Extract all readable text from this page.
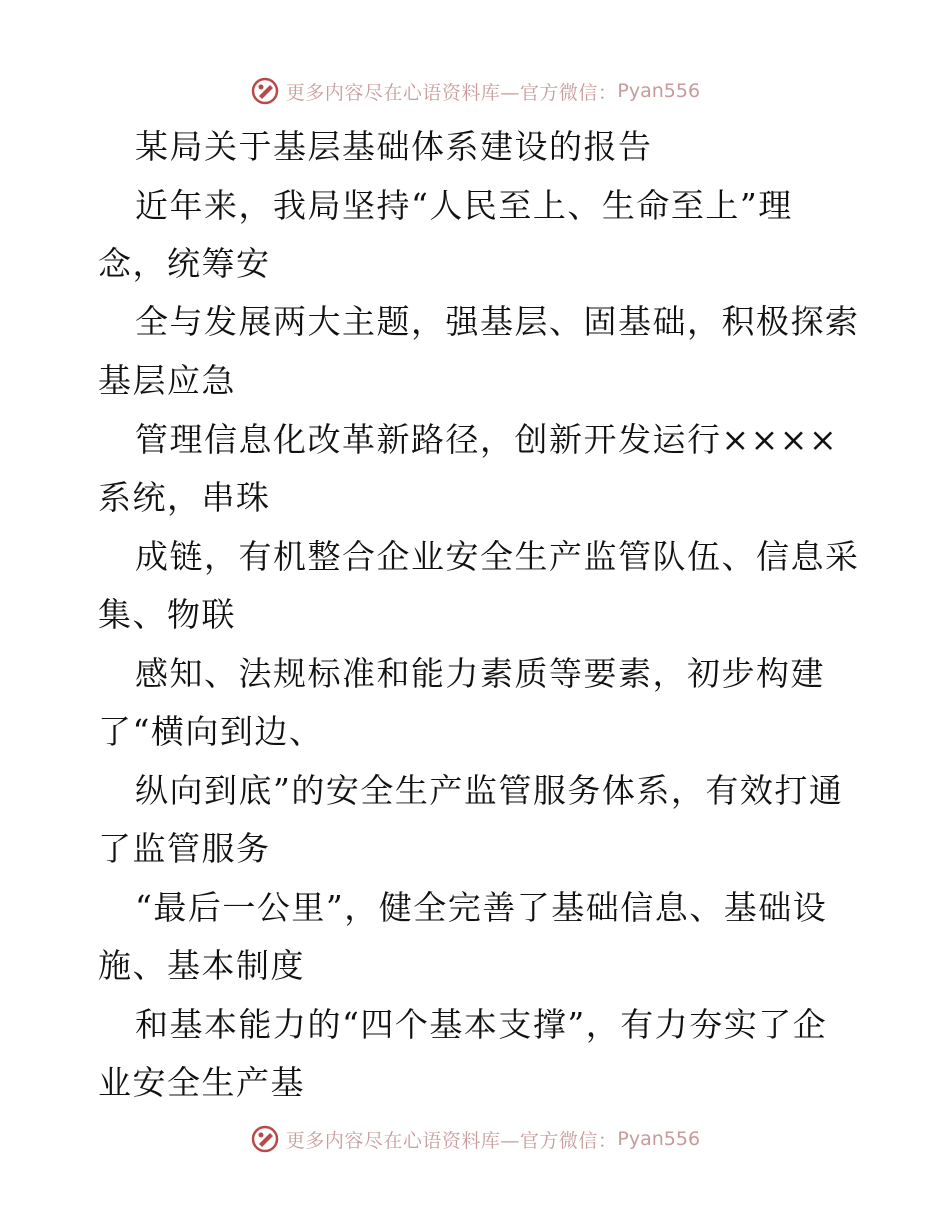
更多内容尽在心语资料库—官方微信： Pyan556
某局关于基层基础体系建设的报告
近年来，我局坚持“人民至上、生命至上”理
念，统筹安
全与发展两大主题，强基层、固基础，积极探索
基层应急
管理信息化改革新路径，创新开发运行××××
系统，串珠
成链，有机整合企业安全生产监管队伍、信息采
集、物联
感知、法规标准和能力素质等要素，初步构建
了“横向到边、
纵向到底”的安全生产监管服务体系，有效打通
了监管服务
“最后一公里”，健全完善了基础信息、基础设
施、基本制度
和基本能力的“四个基本支撑”，有力夯实了企
业安全生产基
更多内容尽在心语资料库—官方微信： Pyan556
